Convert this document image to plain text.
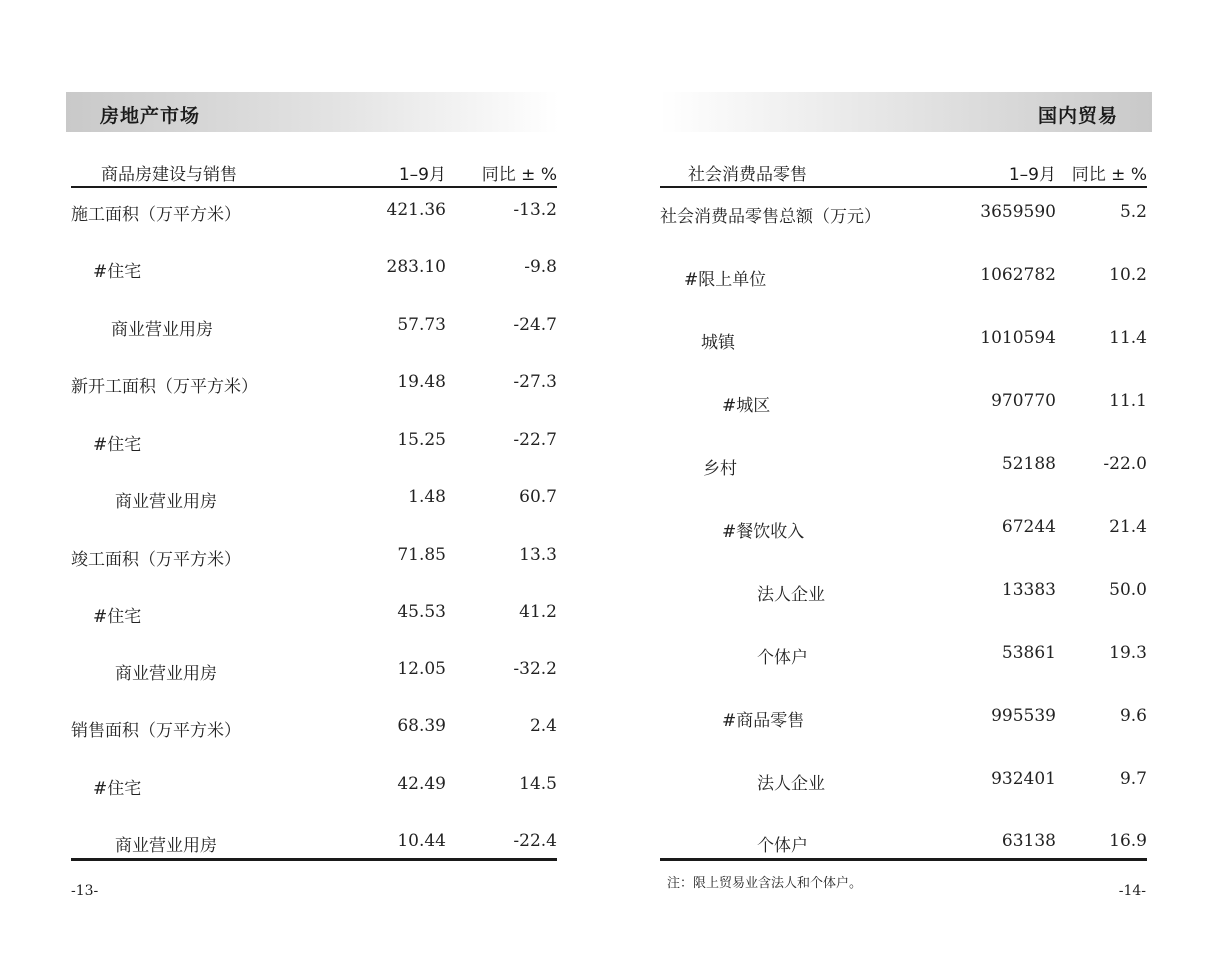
房地产市场
商品房建设与销售	1–9月 同比 ± %
施工面积（万平方米）	421.36	-13.2
#住宅	283.10	-9.8
商业营业用房	57.73	-24.7
新开工面积（万平方米）	19.48	-27.3
#住宅	15.25	-22.7
商业营业用房	1.48	60.7
竣工面积（万平方米）	71.85	13.3
#住宅	45.53	41.2
商业营业用房	12.05	-32.2
销售面积（万平方米）	68.39	2.4
#住宅	42.49	14.5
商业营业用房	10.44	-22.4
-13-
国内贸易
社会消费品零售	1–9月 同比 ± %
社会消费品零售总额（万元）	3659590	5.2
#限上单位	1062782	10.2
城镇	1010594	11.4
#城区	970770	11.1
乡村	52188	-22.0
#餐饮收入	67244	21.4
法人企业	13383	50.0
个体户	53861	19.3
#商品零售	995539	9.6
法人企业	932401	9.7
个体户	63138	16.9
注：限上贸易业含法人和个体户。	-14-
